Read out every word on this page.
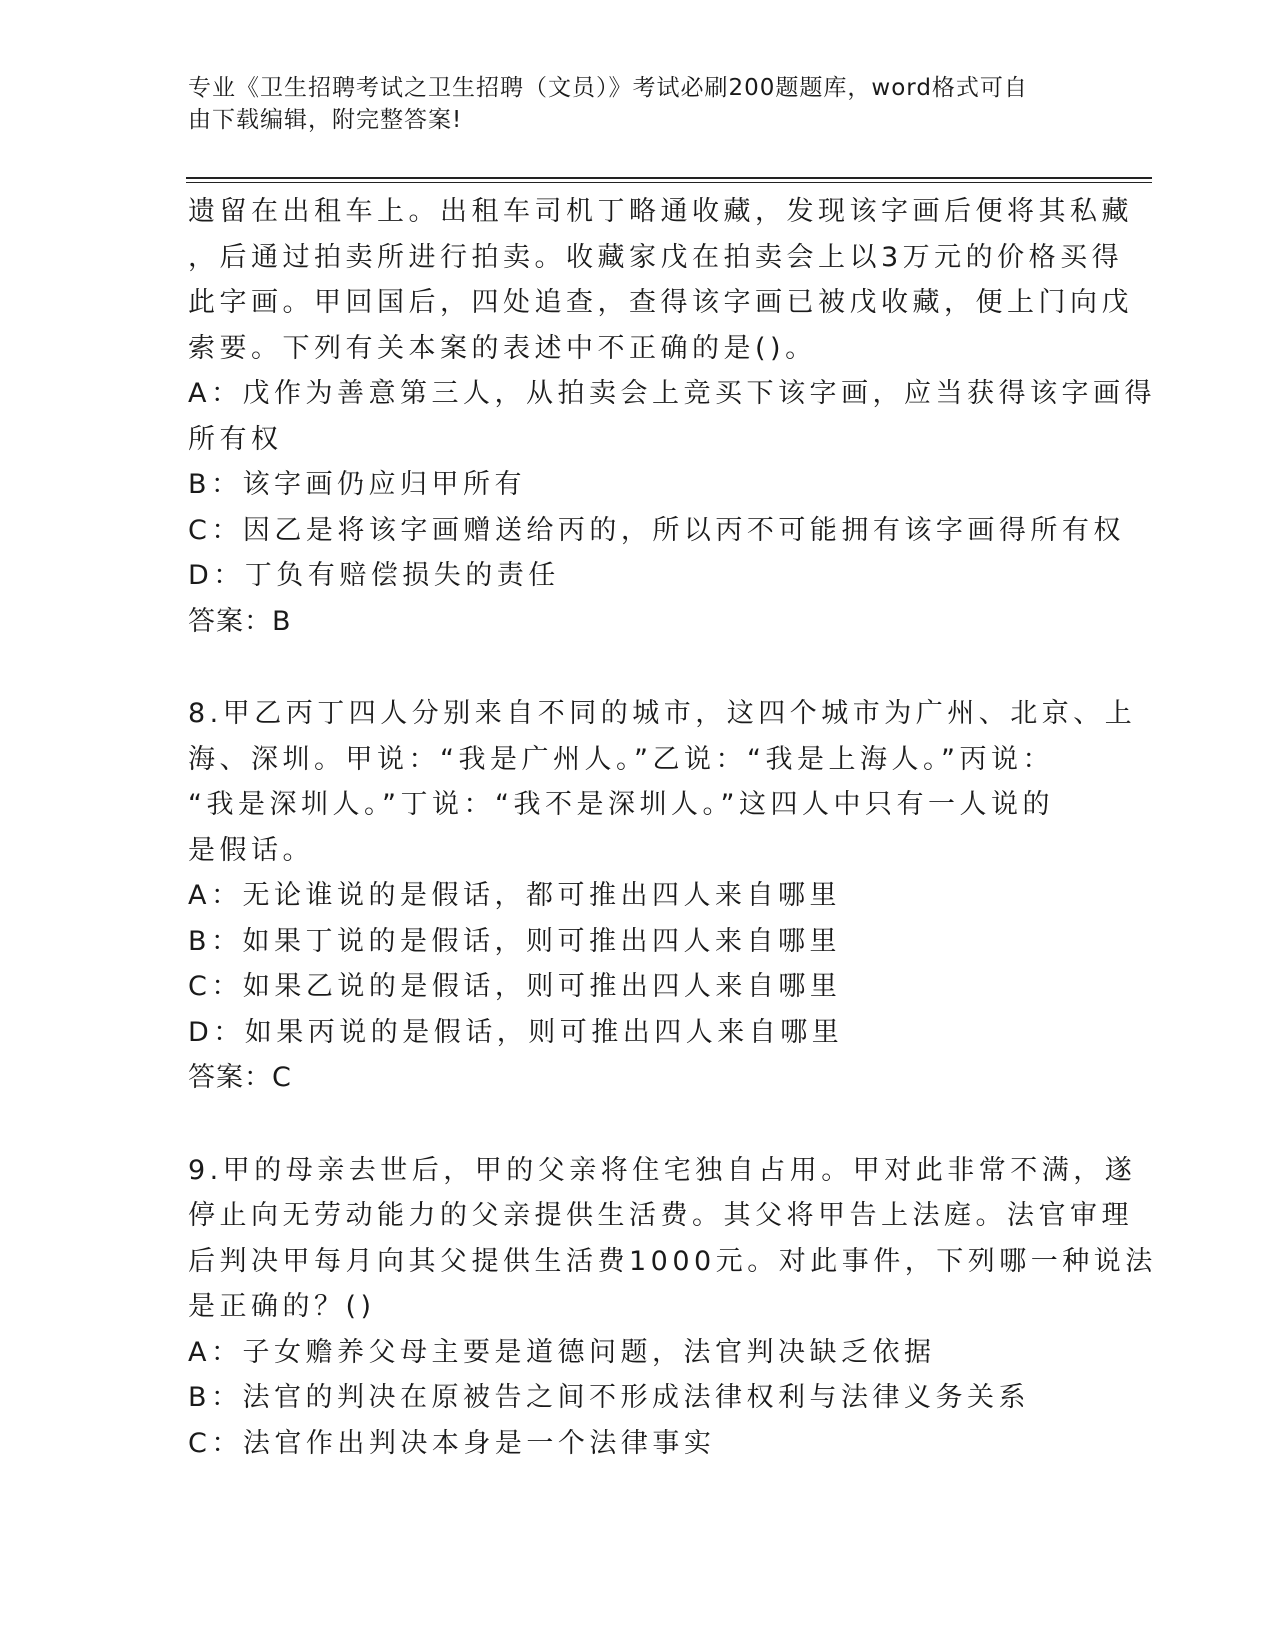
专业《卫生招聘考试之卫生招聘（文员）》考试必刷200题题库，word格式可自
由下载编辑，附完整答案!
遗留在出租车上。出租车司机丁略通收藏，发现该字画后便将其私藏
，后通过拍卖所进行拍卖。收藏家戊在拍卖会上以3万元的价格买得
此字画。甲回国后，四处追查，查得该字画已被戊收藏，便上门向戊
索要。下列有关本案的表述中不正确的是()。
A：戊作为善意第三人，从拍卖会上竞买下该字画，应当获得该字画得
所有权
B：该字画仍应归甲所有
C：因乙是将该字画赠送给丙的，所以丙不可能拥有该字画得所有权
D：丁负有赔偿损失的责任
答案：B
8.甲乙丙丁四人分别来自不同的城市，这四个城市为广州、北京、上
海、深圳。甲说：“我是广州人。”乙说：“我是上海人。”丙说：
“我是深圳人。”丁说：“我不是深圳人。”这四人中只有一人说的
是假话。
A：无论谁说的是假话，都可推出四人来自哪里
B：如果丁说的是假话，则可推出四人来自哪里
C：如果乙说的是假话，则可推出四人来自哪里
D：如果丙说的是假话，则可推出四人来自哪里
答案：C
9.甲的母亲去世后，甲的父亲将住宅独自占用。甲对此非常不满，遂
停止向无劳动能力的父亲提供生活费。其父将甲告上法庭。法官审理
后判决甲每月向其父提供生活费1000元。对此事件，下列哪一种说法
是正确的？()
A：子女赡养父母主要是道德问题，法官判决缺乏依据
B：法官的判决在原被告之间不形成法律权利与法律义务关系
C：法官作出判决本身是一个法律事实
